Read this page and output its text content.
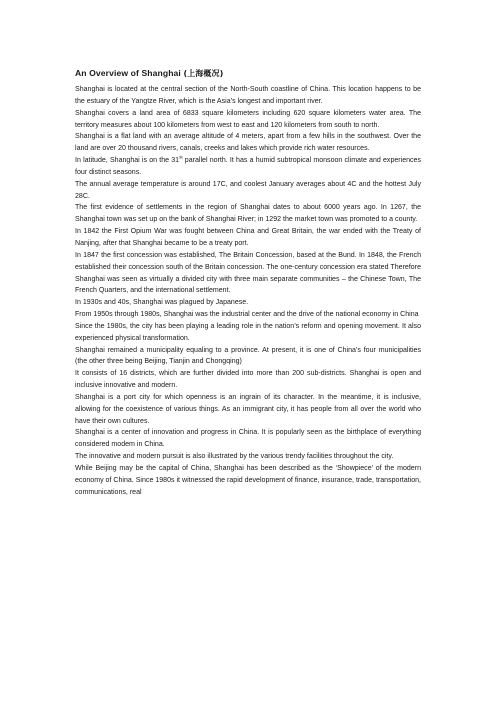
An Overview of Shanghai (上海概况)

Shanghai is located at the central section of the North-South coastline of China. This location happens to be the estuary of the Yangtze River, which is the Asia’s longest and important river.

Shanghai covers a land area of 6833 square kilometers including 620 square kilometers water area. The territory measures about 100 kilometers from west to east and 120 kilometers from south to north.

Shanghai is a flat land with an average altitude of 4 meters, apart from a few hills in the southwest. Over the land are over 20 thousand rivers, canals, creeks and lakes which provide rich water resources.

In latitude, Shanghai is on the 31st parallel north. It has a humid subtropical monsoon climate and experiences four distinct seasons.

The annual average temperature is around 17C, and coolest January averages about 4C and the hottest July 28C.

The first evidence of settlements in the region of Shanghai dates to about 6000 years ago. In 1267, the Shanghai town was set up on the bank of Shanghai River; in 1292 the market town was promoted to a county.

In 1842 the First Opium War was fought between China and Great Britain, the war ended with the Treaty of Nanjing, after that Shanghai became to be a treaty port.

In 1847 the first concession was established, The Britain Concession, based at the Bund. In 1848, the French established their concession south of the Britain concession. The one-century concession era stated Therefore Shanghai was seen as virtually a divided city with three main separate communities – the Chinese Town, The French Quarters, and the international settlement.

In 1930s and 40s, Shanghai was plagued by Japanese.

From 1950s through 1980s, Shanghai was the industrial center and the drive of the national economy in China

Since the 1980s, the city has been playing a leading role in the nation’s reform and opening movement. It also experienced physical transformation.

Shanghai remained a municipality equaling to a province. At present, it is one of China’s four municipalities (the other three being Beijing, Tianjin and Chongqing)

It consists of 16 districts, which are further divided into more than 200 sub-districts. Shanghai is open and inclusive innovative and modern.

Shanghai is a port city for which openness is an ingrain of its character. In the meantime, it is inclusive, allowing for the coexistence of various things. As an immigrant city, it has people from all over the world who have their own cultures.

Shanghai is a center of innovation and progress in China. It is popularly seen as the birthplace of everything considered modem in China.

The innovative and modern pursuit is also illustrated by the various trendy facilities throughout the city.

While Beijing may be the capital of China, Shanghai has been described as the ‘Showpiece’ of the modern economy of China. Since 1980s it witnessed the rapid development of finance, insurance, trade, transportation, communications, real
